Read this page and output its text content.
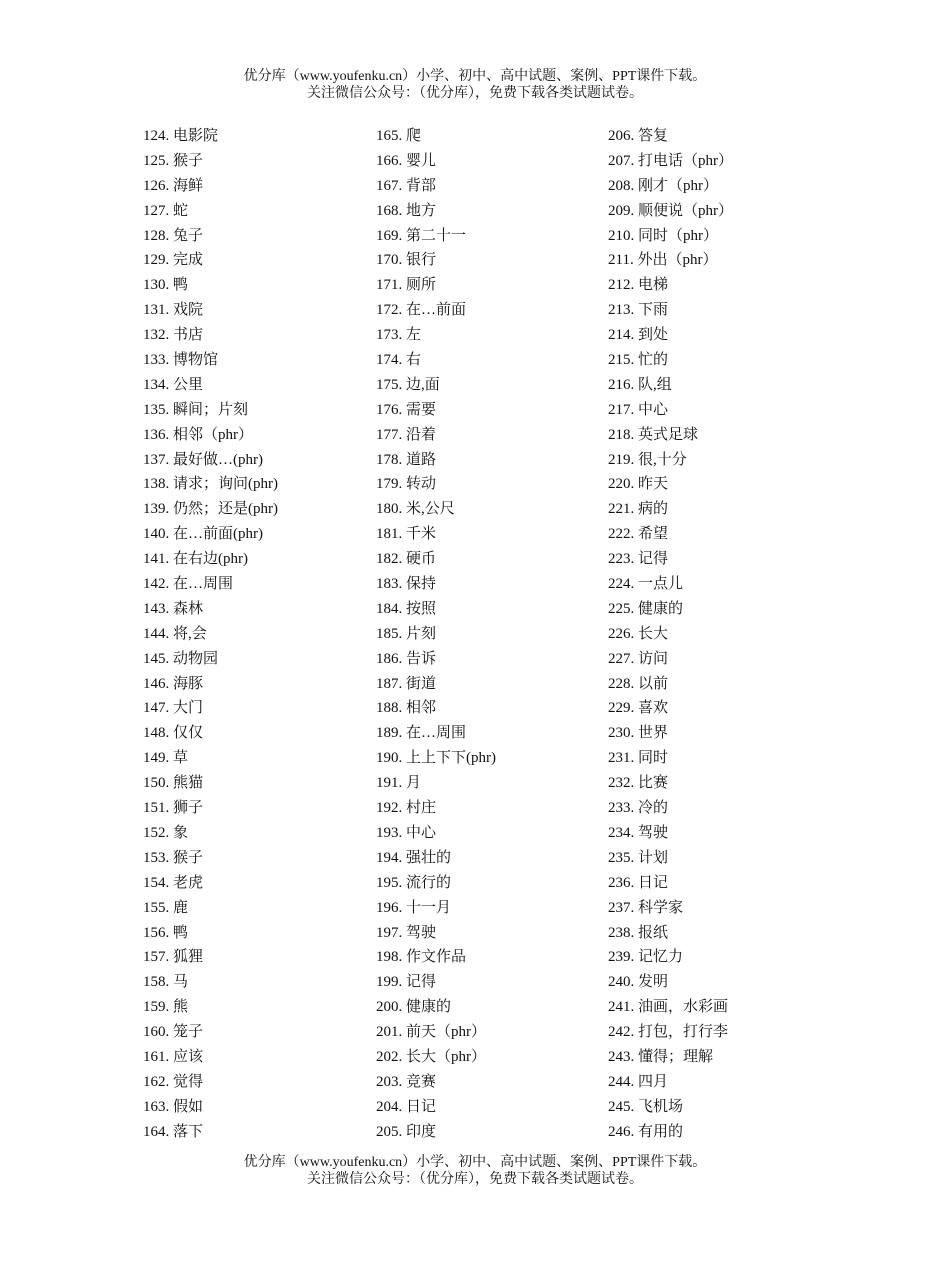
优分库（www.youfenku.cn）小学、初中、高中试题、案例、PPT课件下载。
关注微信公众号：（优分库），免费下载各类试题试卷。
124. 电影院
125. 猴子
126. 海鲜
127. 蛇
128. 兔子
129. 完成
130. 鸭
131. 戏院
132. 书店
133. 博物馆
134. 公里
135. 瞬间；片刻
136. 相邻（phr）
137. 最好做…(phr)
138. 请求；询问(phr)
139. 仍然；还是(phr)
140. 在…前面(phr)
141. 在右边(phr)
142. 在…周围
143. 森林
144. 将,会
145. 动物园
146. 海豚
147. 大门
148. 仅仅
149. 草
150. 熊猫
151. 狮子
152. 象
153. 猴子
154. 老虎
155. 鹿
156. 鸭
157. 狐狸
158. 马
159. 熊
160. 笼子
161. 应该
162. 觉得
163. 假如
164. 落下
165. 爬
166. 婴儿
167. 背部
168. 地方
169. 第二十一
170. 银行
171. 厕所
172. 在…前面
173. 左
174. 右
175. 边,面
176. 需要
177. 沿着
178. 道路
179. 转动
180. 米,公尺
181. 千米
182. 硬币
183. 保持
184. 按照
185. 片刻
186. 告诉
187. 街道
188. 相邻
189. 在…周围
190. 上上下下(phr)
191. 月
192. 村庄
193. 中心
194. 强壮的
195. 流行的
196. 十一月
197. 驾驶
198. 作文作品
199. 记得
200. 健康的
201. 前天（phr）
202. 长大（phr）
203. 竞赛
204. 日记
205. 印度
206. 答复
207. 打电话（phr）
208. 刚才（phr）
209. 顺便说（phr）
210. 同时（phr）
211. 外出（phr）
212. 电梯
213. 下雨
214. 到处
215. 忙的
216. 队,组
217. 中心
218. 英式足球
219. 很,十分
220. 昨天
221. 病的
222. 希望
223. 记得
224. 一点儿
225. 健康的
226. 长大
227. 访问
228. 以前
229. 喜欢
230. 世界
231. 同时
232. 比赛
233. 冷的
234. 驾驶
235. 计划
236. 日记
237. 科学家
238. 报纸
239. 记忆力
240. 发明
241. 油画，水彩画
242. 打包，打行李
243. 懂得；理解
244. 四月
245. 飞机场
246. 有用的
优分库（www.youfenku.cn）小学、初中、高中试题、案例、PPT课件下载。
关注微信公众号：（优分库），免费下载各类试题试卷。
